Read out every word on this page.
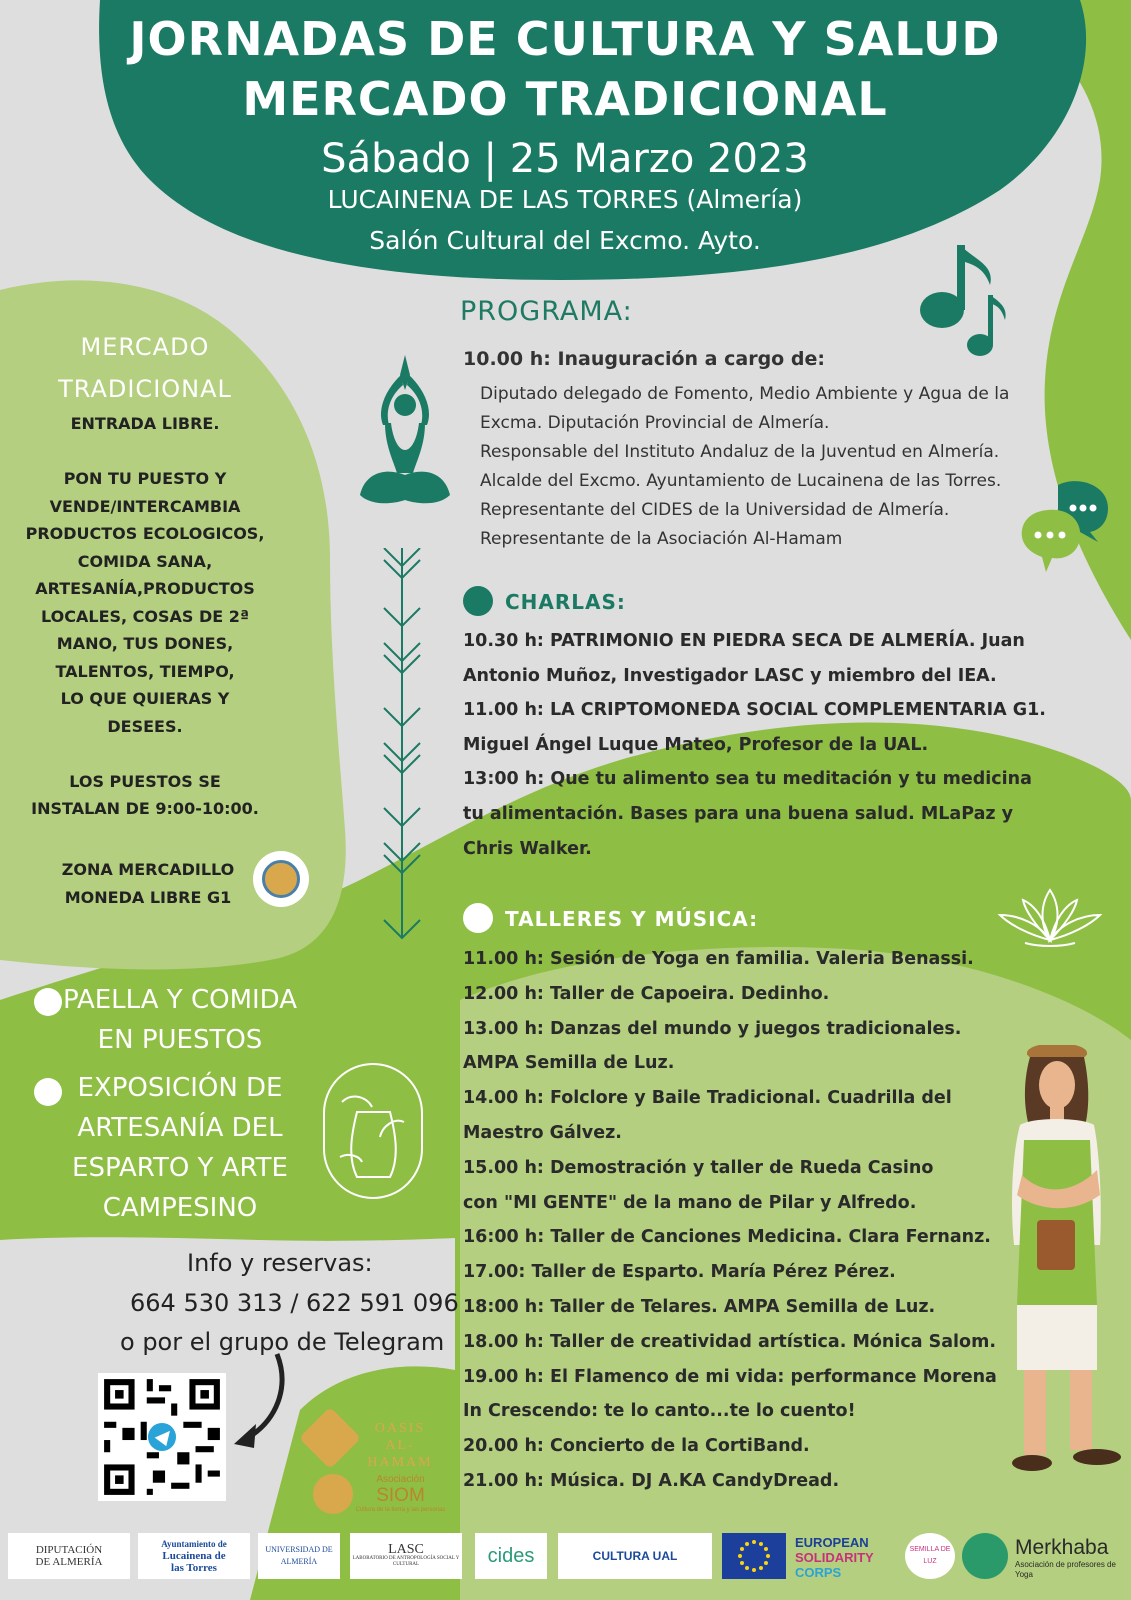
JORNADAS DE CULTURA Y SALUD
MERCADO TRADICIONAL
Sábado | 25 Marzo 2023
LUCAINENA DE LAS TORRES (Almería)
Salón Cultural del Excmo. Ayto.
MERCADO
TRADICIONAL
ENTRADA LIBRE.

PON TU PUESTO Y
VENDE/INTERCAMBIA
PRODUCTOS ECOLOGICOS,
COMIDA SANA,
ARTESANÍA,PRODUCTOS
LOCALES, COSAS DE 2ª
MANO, TUS DONES,
TALENTOS, TIEMPO,
LO QUE QUIERAS Y
DESEES.

LOS PUESTOS SE
INSTALAN DE 9:00-10:00.
ZONA MERCADILLO
MONEDA LIBRE G1
PROGRAMA:
10.00 h: Inauguración a cargo de:
Diputado delegado de Fomento, Medio Ambiente y Agua de la
Excma. Diputación Provincial de Almería.
Responsable del Instituto Andaluz de la Juventud en Almería.
Alcalde del Excmo. Ayuntamiento de Lucainena de las Torres.
Representante del CIDES de la Universidad de Almería.
Representante de la Asociación Al-Hamam
CHARLAS:
10.30 h: PATRIMONIO EN PIEDRA SECA DE ALMERÍA. Juan
Antonio Muñoz, Investigador LASC y miembro del IEA.
11.00 h: LA CRIPTOMONEDA SOCIAL COMPLEMENTARIA G1.
Miguel Ángel Luque Mateo, Profesor de la UAL.
13:00 h: Que tu alimento sea tu meditación y tu medicina
tu alimentación. Bases para una buena salud. MLaPaz y
Chris Walker.
TALLERES Y MÚSICA:
11.00 h: Sesión de Yoga en familia. Valeria Benassi.
12.00 h: Taller de Capoeira. Dedinho.
13.00 h: Danzas del mundo y juegos tradicionales.
AMPA Semilla de Luz.
14.00 h: Folclore y Baile Tradicional. Cuadrilla del
Maestro Gálvez.
15.00 h: Demostración y taller de Rueda Casino
con "MI GENTE" de la mano de Pilar y Alfredo.
16:00 h: Taller de Canciones Medicina. Clara Fernanz.
17.00: Taller de Esparto. María Pérez Pérez.
18:00 h: Taller de Telares. AMPA Semilla de Luz.
18.00 h: Taller de creatividad artística. Mónica Salom.
19.00 h: El Flamenco de mi vida: performance Morena
In Crescendo: te lo canto...te lo cuento!
20.00 h: Concierto de la CortiBand.
21.00 h: Música. DJ A.KA CandyDread.
PAELLA Y COMIDA
EN PUESTOS
EXPOSICIÓN DE
ARTESANÍA DEL
ESPARTO Y ARTE
CAMPESINO
Info y reservas:
664 530 313 / 622 591 096
o por el grupo de Telegram
OASIS
AL-HAMAM
Asociación
SIOM
Cultura de la tierra y las personas
DIPUTACIÓN
DE ALMERÍA
Ayuntamiento de
Lucainena de
las Torres
UNIVERSIDAD DE ALMERÍA
LASC
LABORATORIO DE ANTROPOLOGÍA SOCIAL Y CULTURAL	cides	CULTURA UAL
EUROPEAN
SOLIDARITY
CORPS
SEMILLA DE LUZ
Merkhaba
Asociación de profesores de Yoga
